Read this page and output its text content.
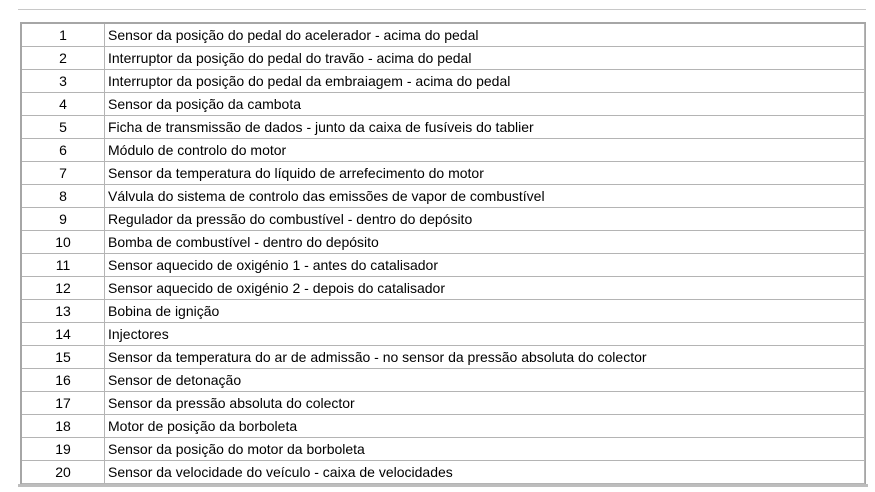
1	Sensor da posição do pedal do acelerador - acima do pedal
2	Interruptor da posição do pedal do travão - acima do pedal
3	Interruptor da posição do pedal da embraiagem - acima do pedal
4	Sensor da posição da cambota
5	Ficha de transmissão de dados - junto da caixa de fusíveis do tablier
6	Módulo de controlo do motor
7	Sensor da temperatura do líquido de arrefecimento do motor
8	Válvula do sistema de controlo das emissões de vapor de combustível
9	Regulador da pressão do combustível - dentro do depósito
10	Bomba de combustível - dentro do depósito
11	Sensor aquecido de oxigénio 1 - antes do catalisador
12	Sensor aquecido de oxigénio 2 - depois do catalisador
13	Bobina de ignição
14	Injectores
15	Sensor da temperatura do ar de admissão - no sensor da pressão absoluta do colector
16	Sensor de detonação
17	Sensor da pressão absoluta do colector
18	Motor de posição da borboleta
19	Sensor da posição do motor da borboleta
20	Sensor da velocidade do veículo - caixa de velocidades
